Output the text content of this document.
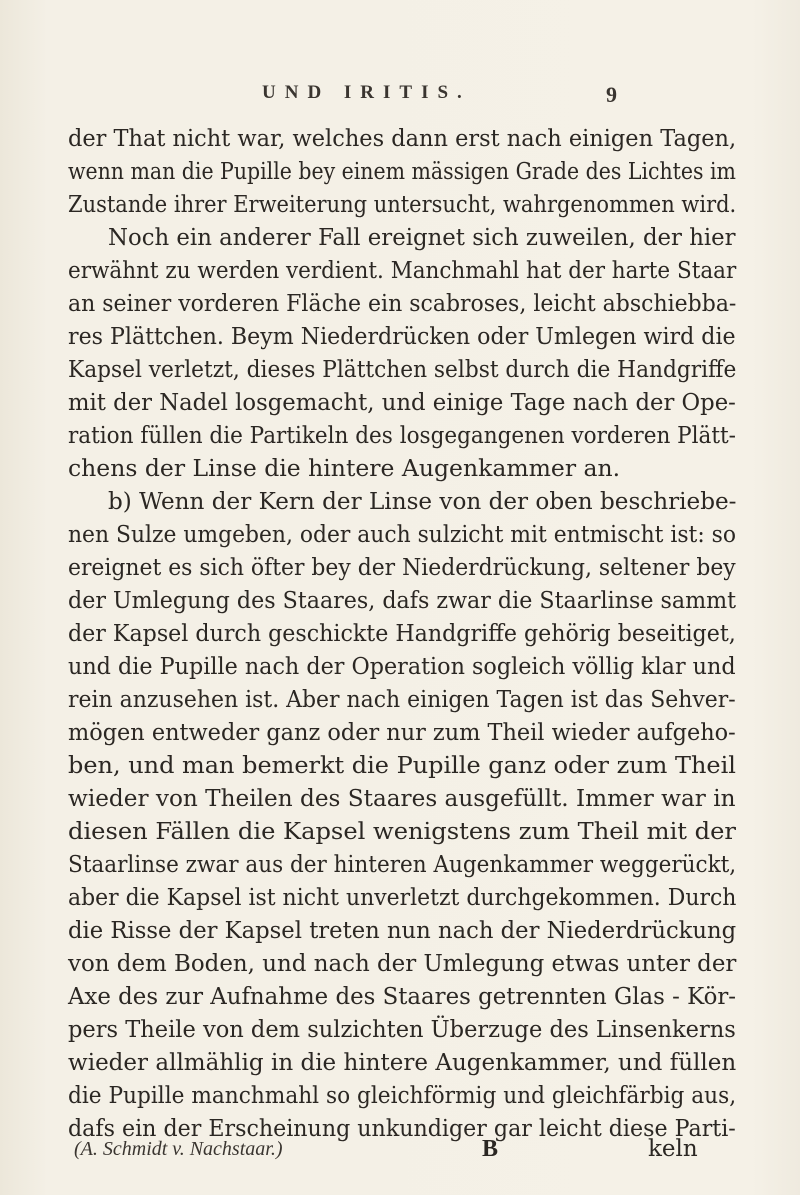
UND IRITIS.	9
der That nicht war, welches dann erst nach einigen Tagen,
wenn man die Pupille bey einem mässigen Grade des Lichtes im
Zustande ihrer Erweiterung untersucht, wahrgenommen wird.
Noch ein anderer Fall ereignet sich zuweilen, der hier
erwähnt zu werden verdient. Manchmahl hat der harte Staar
an seiner vorderen Fläche ein scabroses, leicht abschiebba-
res Plättchen. Beym Niederdrücken oder Umlegen wird die
Kapsel verletzt, dieses Plättchen selbst durch die Handgriffe
mit der Nadel losgemacht, und einige Tage nach der Ope-
ration füllen die Partikeln des losgegangenen vorderen Plätt-
chens der Linse die hintere Augenkammer an.
b) Wenn der Kern der Linse von der oben beschriebe-
nen Sulze umgeben, oder auch sulzicht mit entmischt ist: so
ereignet es sich öfter bey der Niederdrückung, seltener bey
der Umlegung des Staares, dafs zwar die Staarlinse sammt
der Kapsel durch geschickte Handgriffe gehörig beseitiget,
und die Pupille nach der Operation sogleich völlig klar und
rein anzusehen ist. Aber nach einigen Tagen ist das Sehver-
mögen entweder ganz oder nur zum Theil wieder aufgeho-
ben, und man bemerkt die Pupille ganz oder zum Theil
wieder von Theilen des Staares ausgefüllt. Immer war in
diesen Fällen die Kapsel wenigstens zum Theil mit der
Staarlinse zwar aus der hinteren Augenkammer weggerückt,
aber die Kapsel ist nicht unverletzt durchgekommen. Durch
die Risse der Kapsel treten nun nach der Niederdrückung
von dem Boden, und nach der Umlegung etwas unter der
Axe des zur Aufnahme des Staares getrennten Glas - Kör-
pers Theile von dem sulzichten Überzuge des Linsenkerns
wieder allmählig in die hintere Augenkammer, und füllen
die Pupille manchmahl so gleichförmig und gleichfärbig aus,
dafs ein der Erscheinung unkundiger gar leicht diese Parti-
(A. Schmidt v. Nachstaar.)	B	keln
